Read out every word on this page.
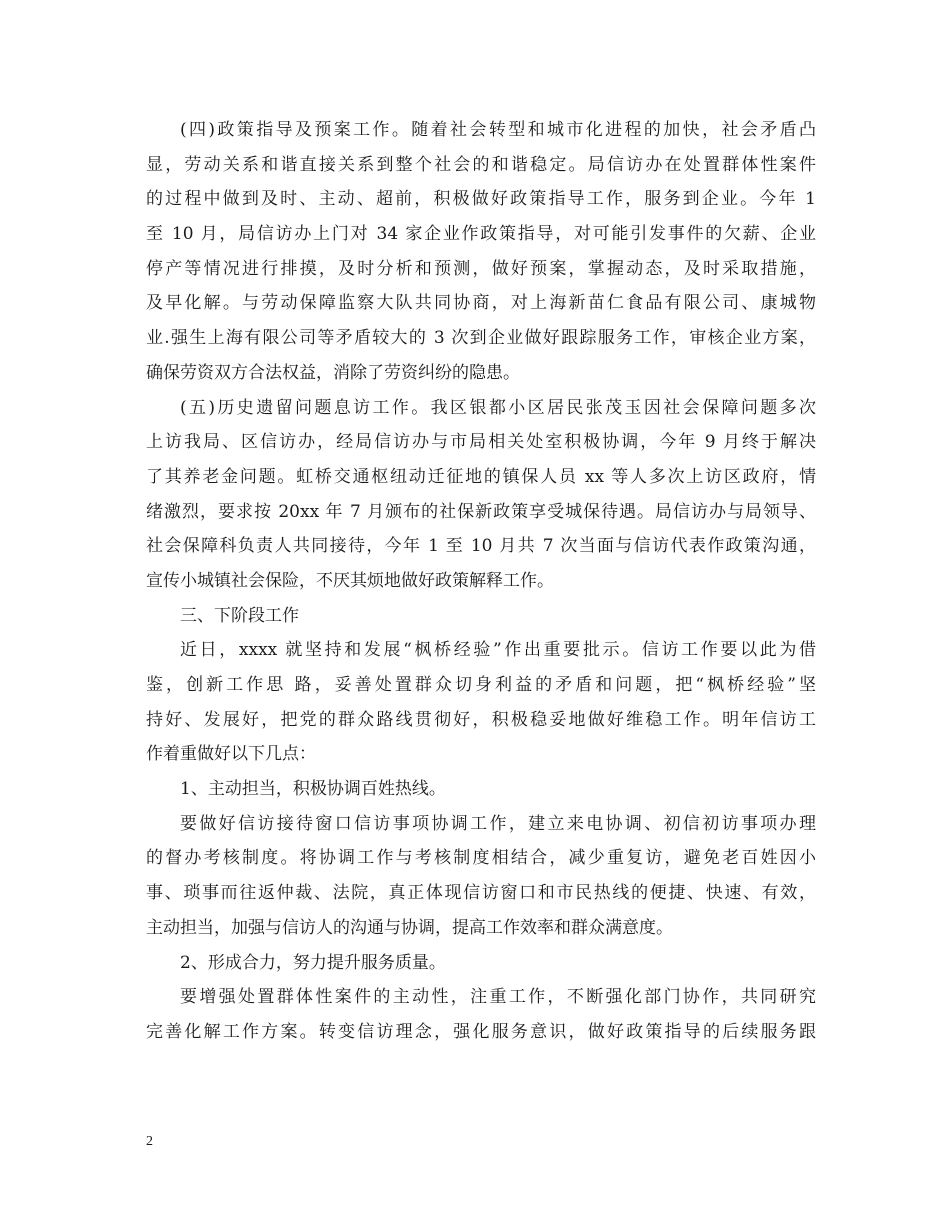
(四)政策指导及预案工作。随着社会转型和城市化进程的加快，社会矛盾凸
显，劳动关系和谐直接关系到整个社会的和谐稳定。局信访办在处置群体性案件
的过程中做到及时、主动、超前，积极做好政策指导工作，服务到企业。今年 1
至 10 月，局信访办上门对 34 家企业作政策指导，对可能引发事件的欠薪、企业
停产等情况进行排摸，及时分析和预测，做好预案，掌握动态，及时采取措施，
及早化解。与劳动保障监察大队共同协商，对上海新苗仁食品有限公司、康城物
业.强生上海有限公司等矛盾较大的 3 次到企业做好跟踪服务工作，审核企业方案，
确保劳资双方合法权益，消除了劳资纠纷的隐患。
(五)历史遗留问题息访工作。我区银都小区居民张茂玉因社会保障问题多次
上访我局、区信访办，经局信访办与市局相关处室积极协调，今年 9 月终于解决
了其养老金问题。虹桥交通枢纽动迁征地的镇保人员 xx 等人多次上访区政府，情
绪激烈，要求按 20xx 年 7 月颁布的社保新政策享受城保待遇。局信访办与局领导、
社会保障科负责人共同接待，今年 1 至 10 月共 7 次当面与信访代表作政策沟通，
宣传小城镇社会保险，不厌其烦地做好政策解释工作。
三、下阶段工作
近日，xxxx 就坚持和发展“枫桥经验”作出重要批示。信访工作要以此为借
鉴，创新工作思 路，妥善处置群众切身利益的矛盾和问题，把“枫桥经验”坚
持好、发展好，把党的群众路线贯彻好，积极稳妥地做好维稳工作。明年信访工
作着重做好以下几点：
1、主动担当，积极协调百姓热线。
要做好信访接待窗口信访事项协调工作，建立来电协调、初信初访事项办理
的督办考核制度。将协调工作与考核制度相结合，减少重复访，避免老百姓因小
事、琐事而往返仲裁、法院，真正体现信访窗口和市民热线的便捷、快速、有效，
主动担当，加强与信访人的沟通与协调，提高工作效率和群众满意度。
2、形成合力，努力提升服务质量。
要增强处置群体性案件的主动性，注重工作，不断强化部门协作，共同研究
完善化解工作方案。转变信访理念，强化服务意识，做好政策指导的后续服务跟
2
